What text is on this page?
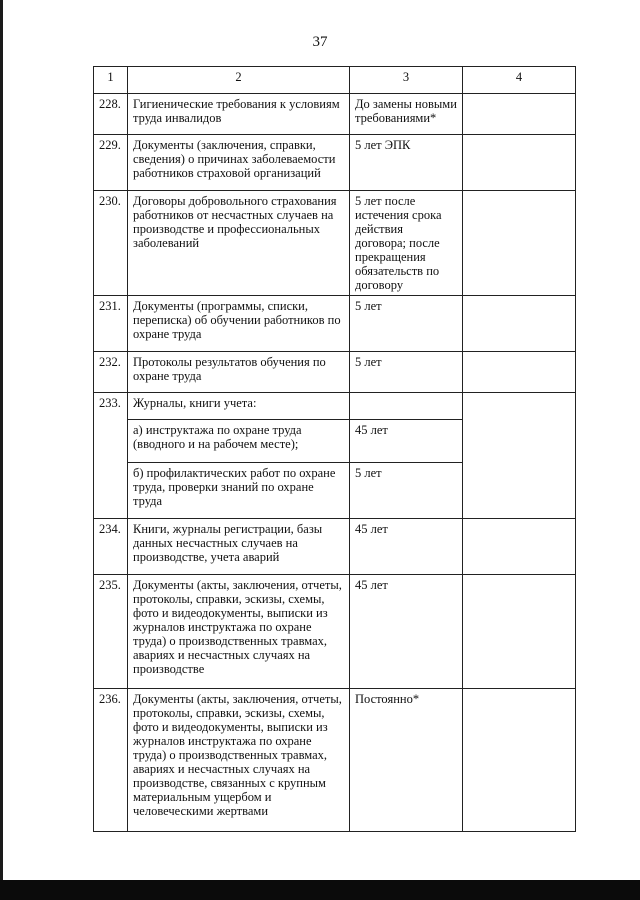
37
1	2	3	4
228.	Гигиенические требования к условиям труда инвалидов	До замены новыми требованиями*	
229.	Документы (заключения, справки, сведения) о причинах заболеваемости работников страховой организаций	5 лет ЭПК	
230.	Договоры добровольного страхования работников от несчастных случаев на производстве и профессиональных заболеваний	5 лет после истечения срока действия договора; после прекращения обязательств по договору	
231.	Документы (программы, списки, переписка) об обучении работников по охране труда	5 лет	
232.	Протоколы результатов обучения по охране труда	5 лет	
233.	Журналы, книги учета:		
	а) инструктажа по охране труда (вводного и на рабочем месте);	45 лет	
	б) профилактических работ по охране труда, проверки знаний по охране труда	5 лет	
234.	Книги, журналы регистрации, базы данных несчастных случаев на производстве, учета аварий	45 лет	
235.	Документы (акты, заключения, отчеты, протоколы, справки, эскизы, схемы, фото и видеодокументы, выписки из журналов инструктажа по охране труда) о производственных травмах, авариях и несчастных случаях на производстве	45 лет	
236.	Документы (акты, заключения, отчеты, протоколы, справки, эскизы, схемы, фото и видеодокументы, выписки из журналов инструктажа по охране труда) о производственных травмах, авариях и несчастных случаях на производстве, связанных с крупным материальным ущербом и человеческими жертвами	Постоянно*	
